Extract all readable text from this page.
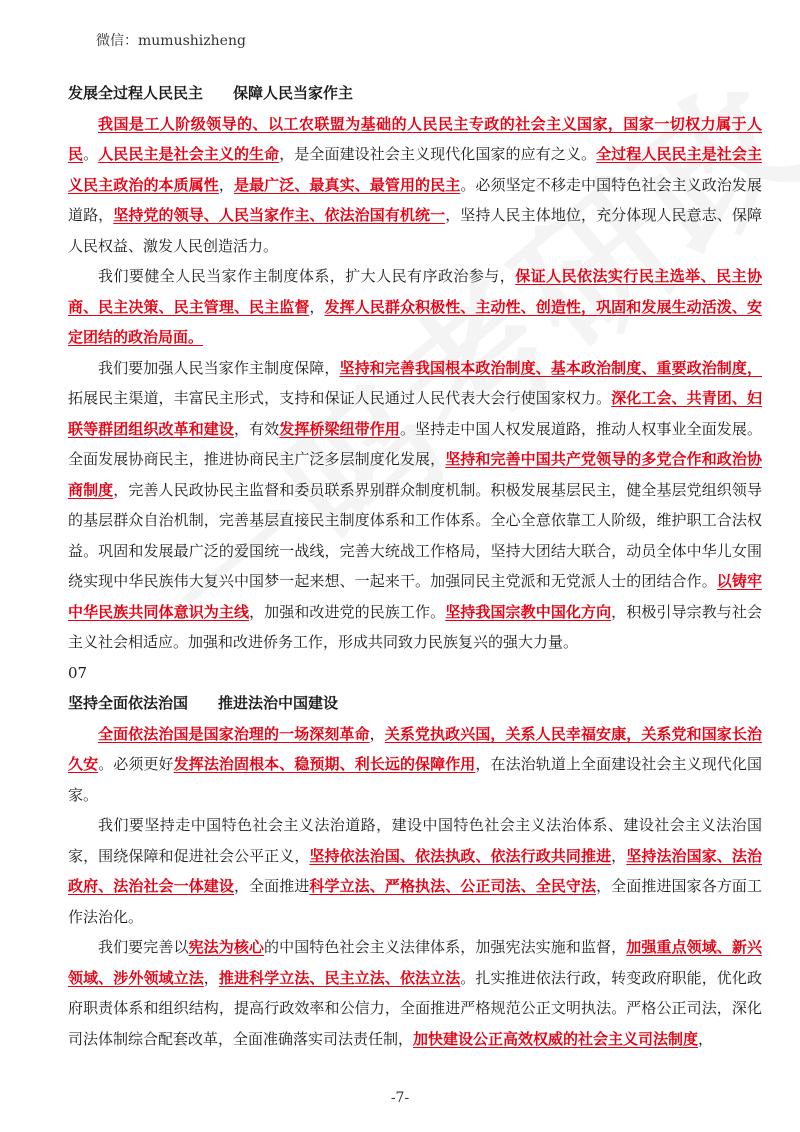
微信：mumushizheng
发展全过程人民民主　　保障人民当家作主

我国是工人阶级领导的、以工农联盟为基础的人民民主专政的社会主义国家，国家一切权力属于人民。人民民主是社会主义的生命，是全面建设社会主义现代化国家的应有之义。全过程人民民主是社会主义民主政治的本质属性，是最广泛、最真实、最管用的民主。必须坚定不移走中国特色社会主义政治发展道路，坚持党的领导、人民当家作主、依法治国有机统一，坚持人民主体地位，充分体现人民意志、保障人民权益、激发人民创造活力。

我们要健全人民当家作主制度体系，扩大人民有序政治参与，保证人民依法实行民主选举、民主协商、民主决策、民主管理、民主监督，发挥人民群众积极性、主动性、创造性，巩固和发展生动活泼、安定团结的政治局面。

我们要加强人民当家作主制度保障，坚持和完善我国根本政治制度、基本政治制度、重要政治制度，拓展民主渠道，丰富民主形式，支持和保证人民通过人民代表大会行使国家权力。深化工会、共青团、妇联等群团组织改革和建设，有效发挥桥梁纽带作用。坚持走中国人权发展道路，推动人权事业全面发展。全面发展协商民主，推进协商民主广泛多层制度化发展，坚持和完善中国共产党领导的多党合作和政治协商制度，完善人民政协民主监督和委员联系界别群众制度机制。积极发展基层民主，健全基层党组织领导的基层群众自治机制，完善基层直接民主制度体系和工作体系。全心全意依靠工人阶级，维护职工合法权益。巩固和发展最广泛的爱国统一战线，完善大统战工作格局，坚持大团结大联合，动员全体中华儿女围绕实现中华民族伟大复兴中国梦一起来想、一起来干。加强同民主党派和无党派人士的团结合作。以铸牢中华民族共同体意识为主线，加强和改进党的民族工作。坚持我国宗教中国化方向，积极引导宗教与社会主义社会相适应。加强和改进侨务工作，形成共同致力民族复兴的强大力量。

07
坚持全面依法治国　　推进法治中国建设

全面依法治国是国家治理的一场深刻革命，关系党执政兴国，关系人民幸福安康，关系党和国家长治久安。必须更好发挥法治固根本、稳预期、利长远的保障作用，在法治轨道上全面建设社会主义现代化国家。

我们要坚持走中国特色社会主义法治道路，建设中国特色社会主义法治体系、建设社会主义法治国家，围绕保障和促进社会公平正义，坚持依法治国、依法执政、依法行政共同推进，坚持法治国家、法治政府、法治社会一体建设，全面推进科学立法、严格执法、公正司法、全民守法，全面推进国家各方面工作法治化。

我们要完善以宪法为核心的中国特色社会主义法律体系，加强宪法实施和监督，加强重点领域、新兴领域、涉外领域立法，推进科学立法、民主立法、依法立法。扎实推进依法行政，转变政府职能，优化政府职责体系和组织结构，提高行政效率和公信力，全面推进严格规范公正文明执法。严格公正司法，深化司法体制综合配套改革，全面准确落实司法责任制，加快建设公正高效权威的社会主义司法制度，

-7-
